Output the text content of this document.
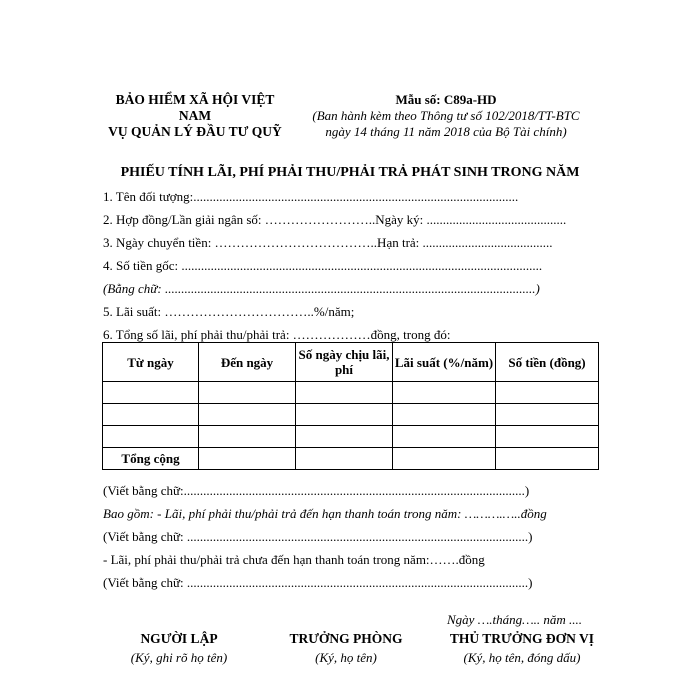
BẢO HIỂM XÃ HỘI VIỆT
NAM
VỤ QUẢN LÝ ĐẦU TƯ QUỸ
Mẫu số: C89a-HD
(Ban hành kèm theo Thông tư số 102/2018/TT-BTC
ngày 14 tháng 11 năm 2018 của Bộ Tài chính)
PHIẾU TÍNH LÃI, PHÍ PHẢI THU/PHẢI TRẢ PHÁT SINH TRONG NĂM
1. Tên đối tượng:....................................................................................................
2. Hợp đồng/Lần giải ngân số: ……………………..Ngày ký: ...........................................
3. Ngày chuyển tiền: ………………………………..Hạn trả: ........................................
4. Số tiền gốc: ...............................................................................................................
(Bằng chữ: ..................................................................................................................)
5. Lãi suất: ……………………………..%/năm;
6. Tổng số lãi, phí phải thu/phải trả: ………………đồng, trong đó:
Từ ngày	Đến ngày	Số ngày chịu lãi, phí	Lãi suất (%/năm)	Số tiền (đồng)

Tổng cộng				
(Viết bằng chữ:.........................................................................................................)
Bao gồm: - Lãi, phí phải thu/phải trả đến hạn thanh toán trong năm: ……….…..đồng
(Viết bằng chữ: .........................................................................................................)
- Lãi, phí phải thu/phải trả chưa đến hạn thanh toán trong năm:…….đồng
(Viết bằng chữ: .........................................................................................................)
Ngày ….tháng….. năm ....
NGƯỜI LẬP
(Ký, ghi rõ họ tên)
TRƯỞNG PHÒNG
(Ký, họ tên)
THỦ TRƯỞNG ĐƠN VỊ
(Ký, họ tên, đóng dấu)
